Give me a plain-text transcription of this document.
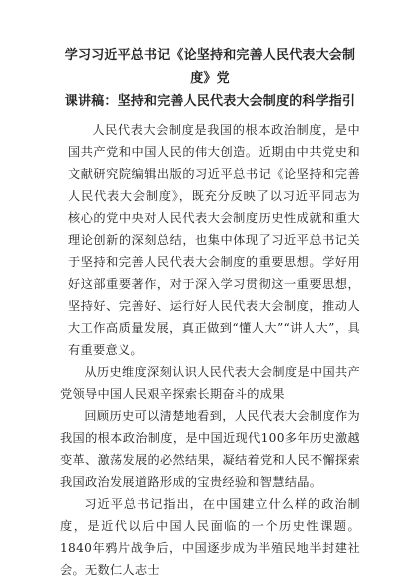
学习习近平总书记《论坚持和完善人民代表大会制度》党
课讲稿：坚持和完善人民代表大会制度的科学指引

人民代表大会制度是我国的根本政治制度，是中国共产党和中国人民的伟大创造。近期由中共党史和文献研究院编辑出版的习近平总书记《论坚持和完善人民代表大会制度》，既充分反映了以习近平同志为核心的党中央对人民代表大会制度历史性成就和重大理论创新的深刻总结，也集中体现了习近平总书记关于坚持和完善人民代表大会制度的重要思想。学好用好这部重要著作，对于深入学习贯彻这一重要思想，坚持好、完善好、运行好人民代表大会制度，推动人大工作高质量发展，真正做到“懂人大”“讲人大”，具有重要意义。

从历史维度深刻认识人民代表大会制度是中国共产党领导中国人民艰辛探索长期奋斗的成果

回顾历史可以清楚地看到，人民代表大会制度作为我国的根本政治制度，是中国近现代100多年历史激越变革、激荡发展的必然结果，凝结着党和人民不懈探索我国政治发展道路形成的宝贵经验和智慧结晶。

习近平总书记指出，在中国建立什么样的政治制度，是近代以后中国人民面临的一个历史性课题。1840年鸦片战争后，中国逐步成为半殖民地半封建社会。无数仁人志士
